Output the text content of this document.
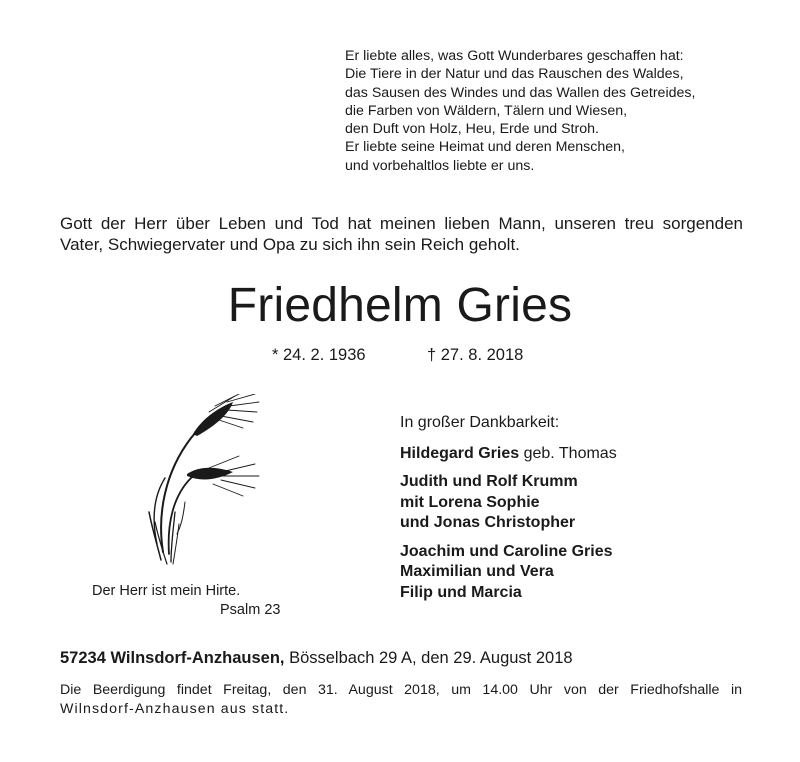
Er liebte alles, was Gott Wunderbares geschaffen hat:
Die Tiere in der Natur und das Rauschen des Waldes,
das Sausen des Windes und das Wallen des Getreides,
die Farben von Wäldern, Tälern und Wiesen,
den Duft von Holz, Heu, Erde und Stroh.
Er liebte seine Heimat und deren Menschen,
und vorbehaltlos liebte er uns.
Gott der Herr über Leben und Tod hat meinen lieben Mann, unseren treu sorgenden
Vater, Schwiegervater und Opa zu sich ihn sein Reich geholt.
Friedhelm Gries
* 24. 2. 1936	† 27. 8. 2018
Der Herr ist mein Hirte.
Psalm 23
In großer Dankbarkeit:
Hildegard Gries geb. Thomas
Judith und Rolf Krumm
mit Lorena Sophie
und Jonas Christopher
Joachim und Caroline Gries
Maximilian und Vera
Filip und Marcia
57234 Wilnsdorf-Anzhausen, Bösselbach 29 A, den 29. August 2018
Die Beerdigung findet Freitag, den 31. August 2018, um 14.00 Uhr von der Friedhofshalle in
Wilnsdorf-Anzhausen aus statt.
